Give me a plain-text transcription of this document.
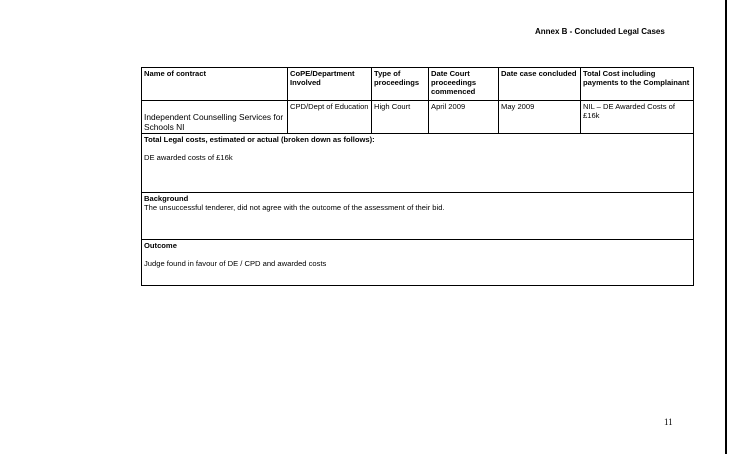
Annex B - Concluded Legal Cases
Name of contract	CoPE/Department Involved	Type of proceedings	Date Court proceedings commenced	Date case concluded	Total Cost including payments to the Complainant
Independent Counselling Services for Schools NI	CPD/Dept of Education	High Court	April 2009	May 2009	NIL – DE Awarded Costs of £16k

Total Legal costs, estimated or actual (broken down as follows):
DE awarded costs of £16k					

Background
The unsuccessful tenderer, did not agree with the outcome of the assessment of their bid.					

Outcome
Judge found in favour of DE / CPD and awarded costs					
11
